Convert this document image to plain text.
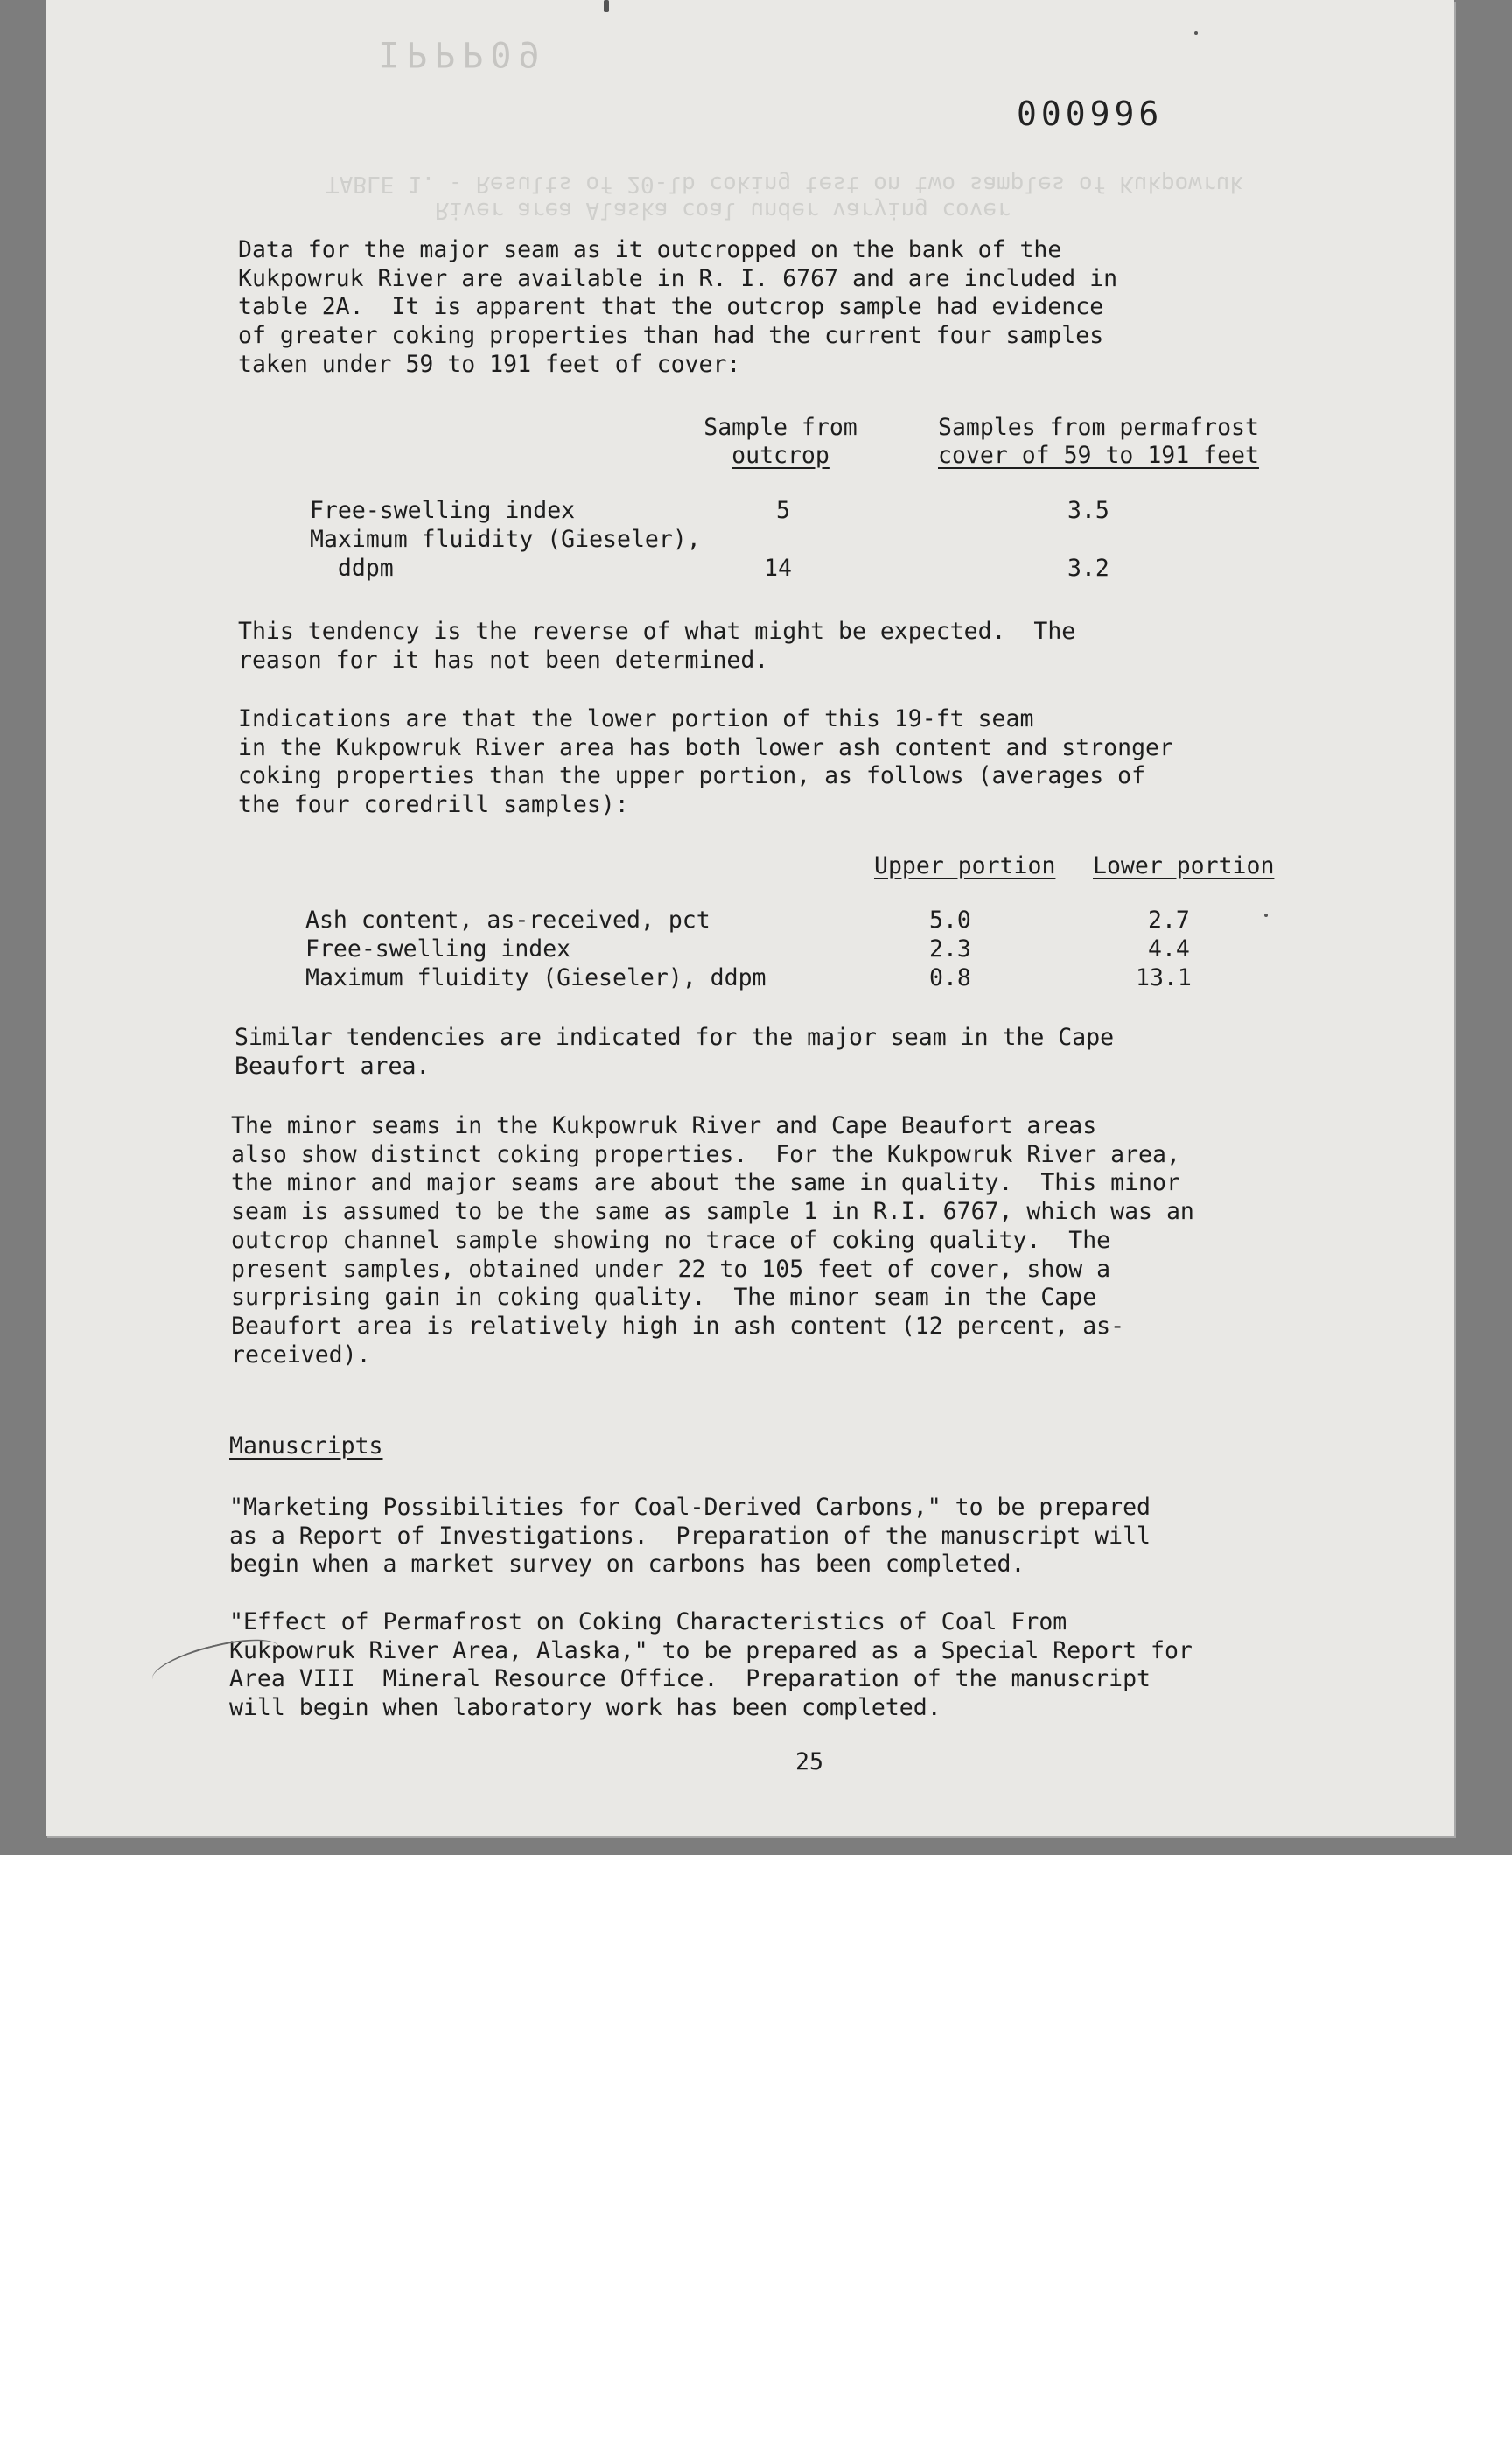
IPPP09
TABLE 1. - Results of 20-lb coking test on two samples of Kukpowruk
River area Alaska coal under varying cover
000996

Data for the major seam as it outcropped on the bank of the
Kukpowruk River are available in R. I. 6767 and are included in
table 2A.  It is apparent that the outcrop sample had evidence
of greater coking properties than had the current four samples
taken under 59 to 191 feet of cover:

Sample from
outcrop
Samples from permafrost
cover of 59 to 191 feet
Free-swelling index	5	3.5
Maximum fluidity (Gieseler),
ddpm	14	3.2

This tendency is the reverse of what might be expected.  The
reason for it has not been determined.

Indications are that the lower portion of this 19-ft seam
in the Kukpowruk River area has both lower ash content and stronger
coking properties than the upper portion, as follows (averages of
the four coredrill samples):

Upper portion Lower portion
Ash content, as-received, pct	5.0	2.7
Free-swelling index	2.3	4.4
Maximum fluidity (Gieseler), ddpm	0.8	13.1

Similar tendencies are indicated for the major seam in the Cape
Beaufort area.

The minor seams in the Kukpowruk River and Cape Beaufort areas
also show distinct coking properties.  For the Kukpowruk River area,
the minor and major seams are about the same in quality.  This minor
seam is assumed to be the same as sample 1 in R.I. 6767, which was an
outcrop channel sample showing no trace of coking quality.  The
present samples, obtained under 22 to 105 feet of cover, show a
surprising gain in coking quality.  The minor seam in the Cape
Beaufort area is relatively high in ash content (12 percent, as-
received).

Manuscripts

"Marketing Possibilities for Coal-Derived Carbons," to be prepared
as a Report of Investigations.  Preparation of the manuscript will
begin when a market survey on carbons has been completed.

"Effect of Permafrost on Coking Characteristics of Coal From
Kukpowruk River Area, Alaska," to be prepared as a Special Report for
Area VIII  Mineral Resource Office.  Preparation of the manuscript
will begin when laboratory work has been completed.

25
